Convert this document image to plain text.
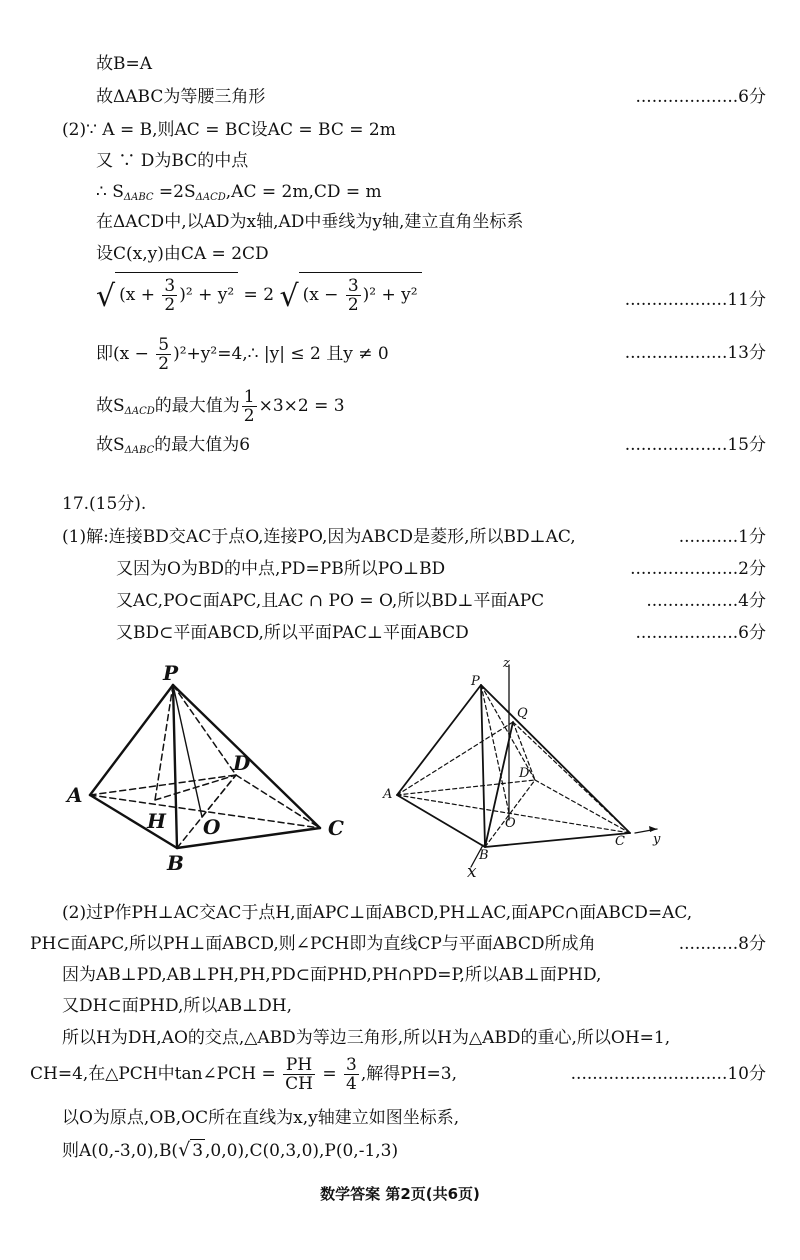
故B=A
故ΔABC为等腰三角形	...................6分
(2)∵ A = B,则AC = BC设AC = BC = 2m
又 ∵ D为BC的中点
∴ $S_{\Delta ABC} =2S_{\Delta ACD},AC = 2m,CD = m$
在ΔACD中,以AD为x轴,AD中垂线为y轴,建立直角坐标系
设C(x,y)由CA = 2CD
√ $(x + \frac{3}{2} )^2 + y^2 = 2$ √ $(x - \frac{3}{2} )^2 + y^2$	...................11分
即($x - \frac{5}{2}$ )²+y²=4,∴ |y| ≤ 2 且y ≠ 0	...................13分
故$S_{\Delta ACD}$的最大值为 $\frac{1}{2} \times 3\times 2 = 3$
故$S_{\Delta ABC}$的最大值为6	...................15分
17.(15分).
(1)解:连接BD交AC于点O,连接PO,因为ABCD是菱形,所以BD⊥AC,	...........1分
又因为O为BD的中点,PD=PB所以PO⊥BD	....................2分
又AC,PO⊂面APC,且AC ∩ PO = O,所以BD⊥平面APC	.................4分
又BD⊂平面ABCD,所以平面PAC⊥平面ABCD	...................6分
P
A
D
H O	C
B
z
P
Q
D
A
O
C y
B
x
(2)过P作PH⊥AC交AC于点H,面APC⊥面ABCD,PH⊥AC,面APC∩面ABCD=AC,
PH⊂面APC,所以PH⊥面ABCD,则∠PCH即为直线CP与平面ABCD所成角	...........8分
因为AB⊥PD,AB⊥PH,PH,PD⊂面PHD,PH∩PD=P,所以AB⊥面PHD,
又DH⊂面PHD,所以AB⊥DH,
所以H为DH,AO的交点,△ABD为等边三角形,所以H为△ABD的重心,所以OH=1,
CH=4,在△PCH中tan∠PCH = $\frac{PH}{CH} = \frac{3}{4}$ ,解得PH=3,	.............................10分
以O为原点,OB,OC所在直线为x,y轴建立如图坐标系,
则A(0,-3,0),B(√ 3 ,0,0),C(0,3,0),P(0,-1,3)
数学答案 第2页(共6页)
